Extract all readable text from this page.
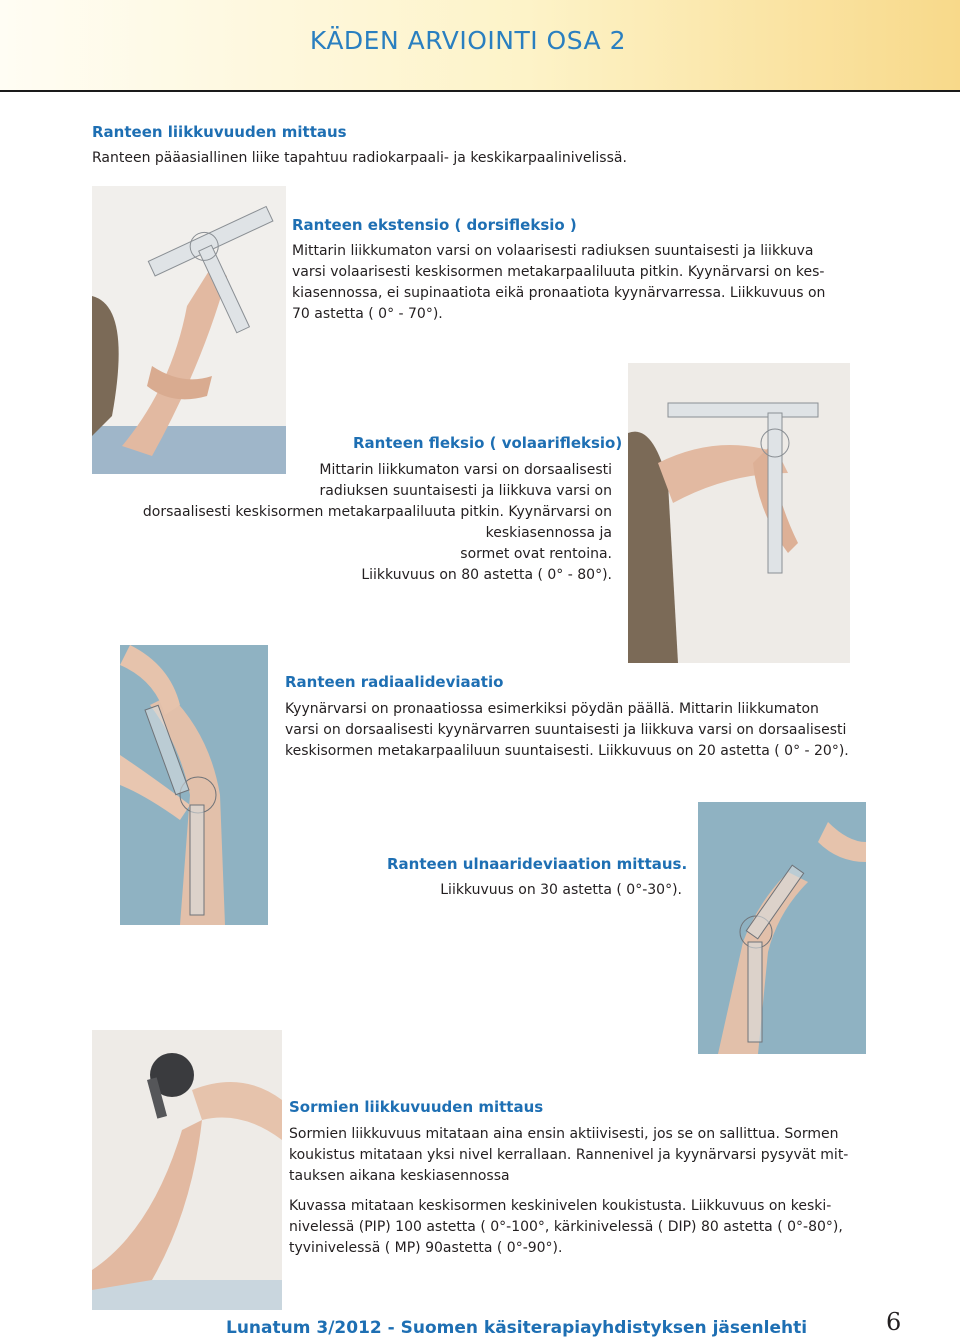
KÄDEN ARVIOINTI OSA 2
Ranteen liikkuvuuden mittaus
Ranteen pääasiallinen liike tapahtuu radiokarpaali- ja keskikarpaalinivelissä.
Ranteen ekstensio ( dorsifleksio )

Mittarin liikkumaton varsi on volaarisesti radiuksen suuntaisesti ja liikkuva

varsi volaarisesti keskisormen metakarpaaliluuta pitkin. Kyynärvarsi on kes-

kiasennossa, ei supinaatiota eikä pronaatiota kyynärvarressa. Liikkuvuus on

70 astetta ( 0° - 70°).

Ranteen fleksio ( volaarifleksio)

Mittarin liikkumaton varsi on dorsaalisesti

radiuksen suuntaisesti ja liikkuva varsi on

dorsaalisesti keskisormen metakarpaaliluuta pitkin. Kyynärvarsi on

keskiasennossa ja

sormet ovat rentoina.

Liikkuvuus on 80 astetta ( 0° - 80°).

Ranteen radiaalideviaatio

Kyynärvarsi on pronaatiossa esimerkiksi pöydän päällä. Mittarin liikkumaton

varsi on dorsaalisesti kyynärvarren suuntaisesti ja liikkuva varsi on dorsaalisesti

keskisormen metakarpaaliluun suuntaisesti. Liikkuvuus on 20 astetta ( 0° - 20°).

Ranteen ulnaarideviaation mittaus.
Liikkuvuus on 30 astetta ( 0°-30°).
Sormien liikkuvuuden mittaus

Sormien liikkuvuus mitataan aina ensin aktiivisesti, jos se on sallittua. Sormen

koukistus mitataan yksi nivel kerrallaan. Rannenivel ja kyynärvarsi pysyvät mit-

tauksen aikana keskiasennossa

Kuvassa mitataan keskisormen keskinivelen koukistusta. Liikkuvuus on keski-

nivelessä (PIP) 100 astetta ( 0°-100°, kärkinivelessä ( DIP) 80 astetta ( 0°-80°),

tyvinivelessä ( MP) 90astetta ( 0°-90°).

Lunatum 3/2012 - Suomen käsiterapiayhdistyksen jäsenlehti	6
